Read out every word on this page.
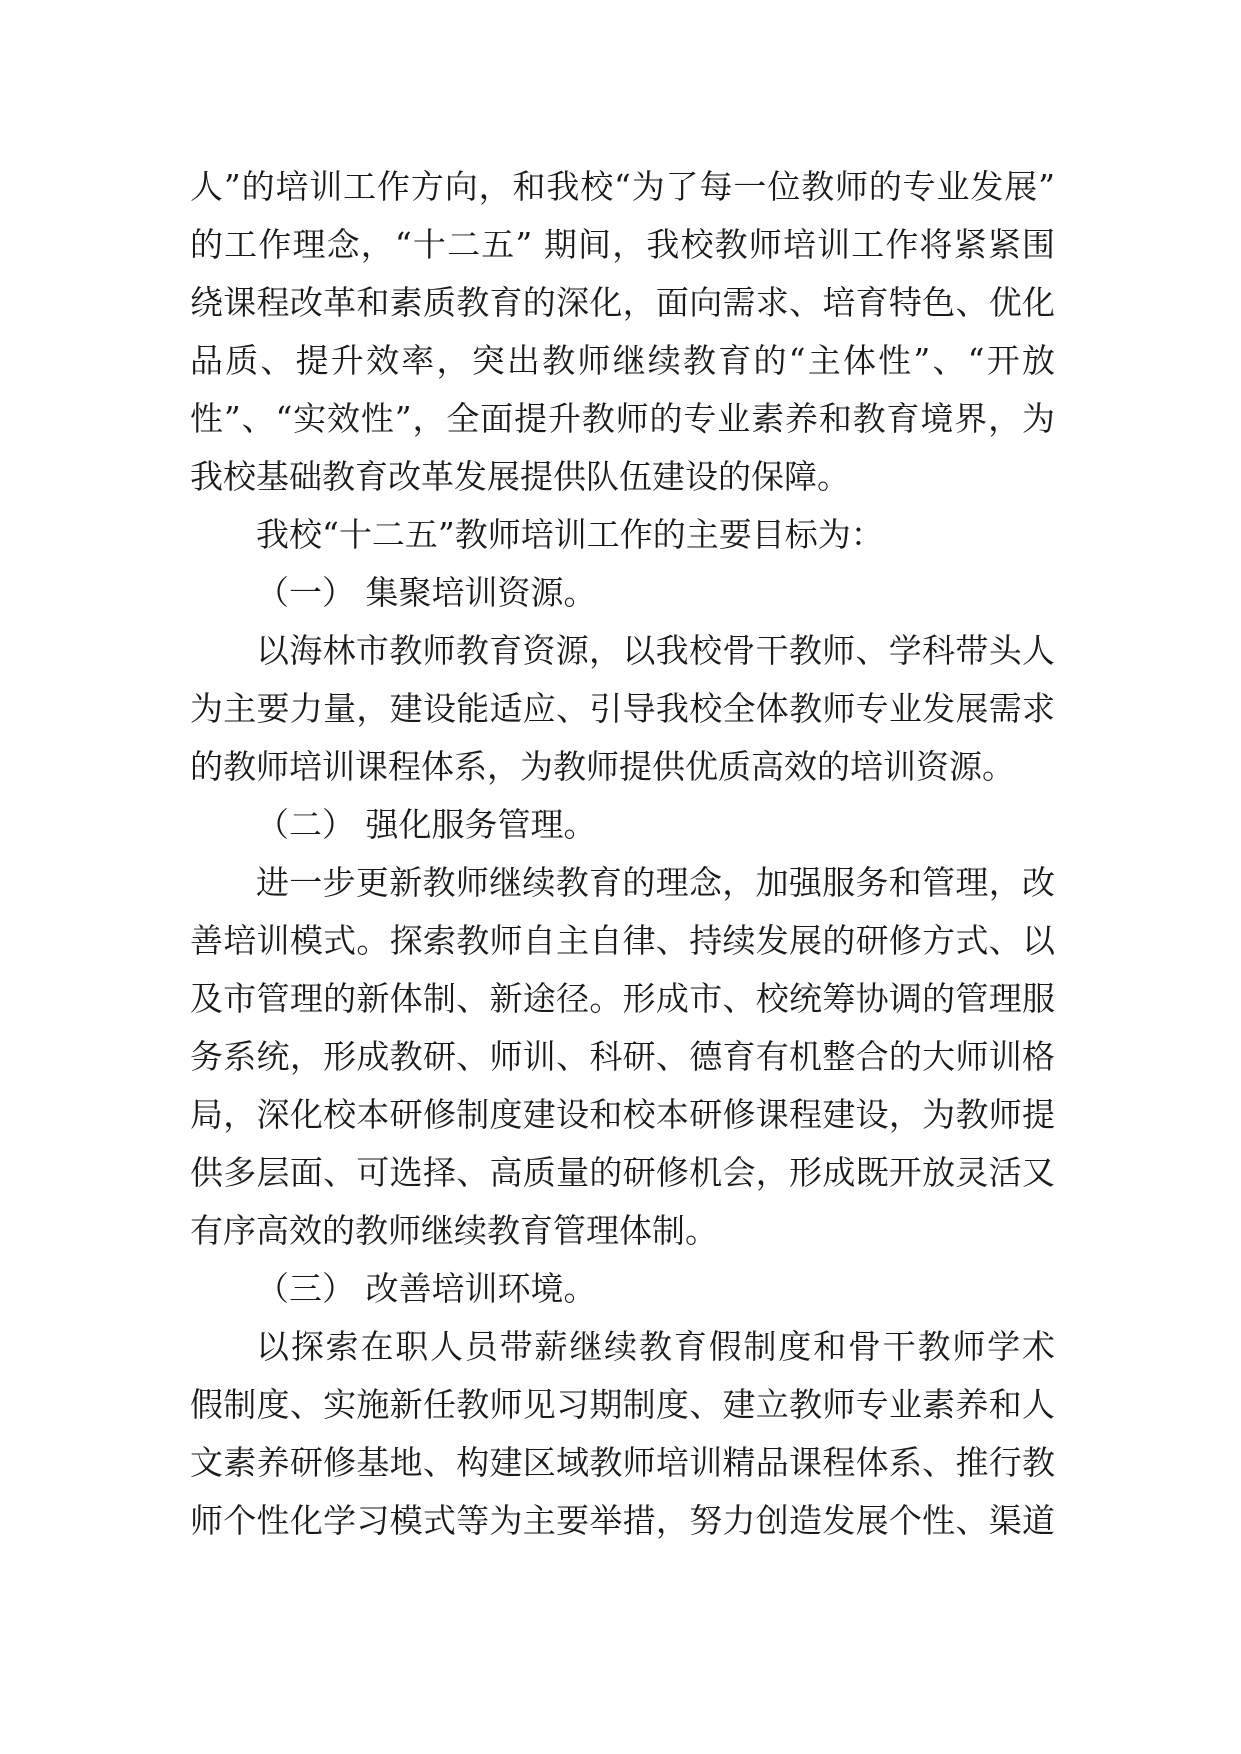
人”的培训工作方向，和我校“为了每一位教师的专业发展”
的工作理念，“十二五” 期间，我校教师培训工作将紧紧围
绕课程改革和素质教育的深化，面向需求、培育特色、优化
品质、提升效率，突出教师继续教育的“主体性”、“开放
性”、“实效性”，全面提升教师的专业素养和教育境界，为
我校基础教育改革发展提供队伍建设的保障。
我校“十二五”教师培训工作的主要目标为：
（一） 集聚培训资源。
以海林市教师教育资源，以我校骨干教师、学科带头人
为主要力量，建设能适应、引导我校全体教师专业发展需求
的教师培训课程体系，为教师提供优质高效的培训资源。
（二） 强化服务管理。
进一步更新教师继续教育的理念，加强服务和管理，改
善培训模式。探索教师自主自律、持续发展的研修方式、以
及市管理的新体制、新途径。形成市、校统筹协调的管理服
务系统，形成教研、师训、科研、德育有机整合的大师训格
局，深化校本研修制度建设和校本研修课程建设，为教师提
供多层面、可选择、高质量的研修机会，形成既开放灵活又
有序高效的教师继续教育管理体制。
（三） 改善培训环境。
以探索在职人员带薪继续教育假制度和骨干教师学术
假制度、实施新任教师见习期制度、建立教师专业素养和人
文素养研修基地、构建区域教师培训精品课程体系、推行教
师个性化学习模式等为主要举措，努力创造发展个性、渠道
